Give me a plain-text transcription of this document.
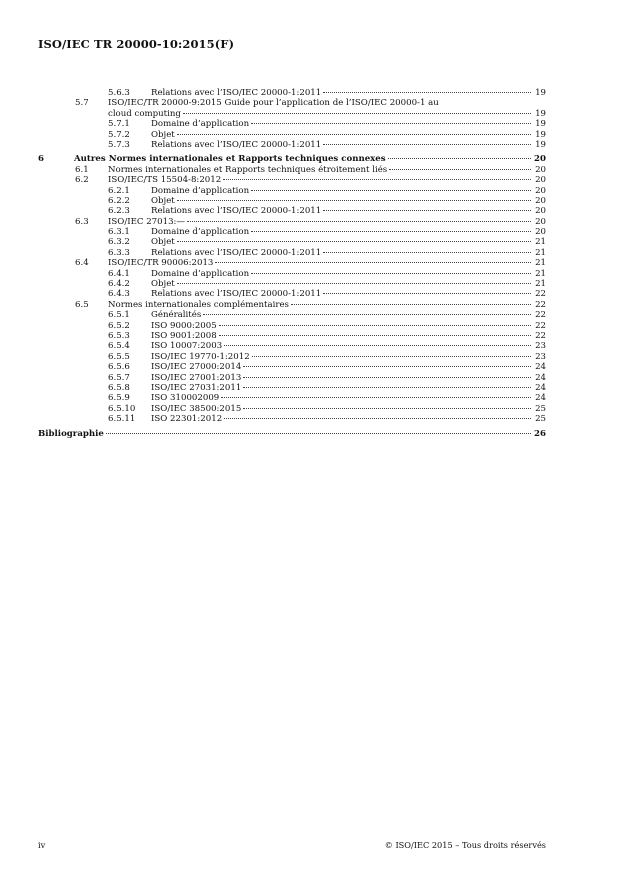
ISO/IEC TR 20000-10:2015(F)
5.6.3 Relations avec l’ISO/IEC 20000-1:2011	19
5.7 ISO/IEC/TR 20000-9:2015 Guide pour l’application de l’ISO/IEC 20000-1 au
cloud computing	19
5.7.1 Domaine d’application	19
5.7.2 Objet	19
5.7.3 Relations avec l’ISO/IEC 20000-1:2011	19
6	Autres Normes internationales et Rapports techniques connexes	20
6.1 Normes internationales et Rapports techniques étroitement liés	20
6.2 ISO/IEC/TS 15504-8:2012	20
6.2.1 Domaine d’application	20
6.2.2 Objet	20
6.2.3 Relations avec l’ISO/IEC 20000-1:2011	20
6.3 ISO/IEC 27013:—	20
6.3.1 Domaine d’application	20
6.3.2 Objet	21
6.3.3 Relations avec l’ISO/IEC 20000-1:2011	21
6.4 ISO/IEC/TR 90006:2013	21
6.4.1 Domaine d’application	21
6.4.2 Objet	21
6.4.3 Relations avec l’ISO/IEC 20000-1:2011	22
6.5 Normes internationales complémentaires	22
6.5.1 Généralités	22
6.5.2 ISO 9000:2005	22
6.5.3 ISO 9001:2008	22
6.5.4 ISO 10007:2003	23
6.5.5 ISO/IEC 19770-1:2012	23
6.5.6 ISO/IEC 27000:2014	24
6.5.7 ISO/IEC 27001:2013	24
6.5.8 ISO/IEC 27031:2011	24
6.5.9 ISO 310002009	24
6.5.10 ISO/IEC 38500:2015	25
6.5.11 ISO 22301:2012	25
Bibliographie	26
iv	© ISO/IEC 2015 – Tous droits réservés
